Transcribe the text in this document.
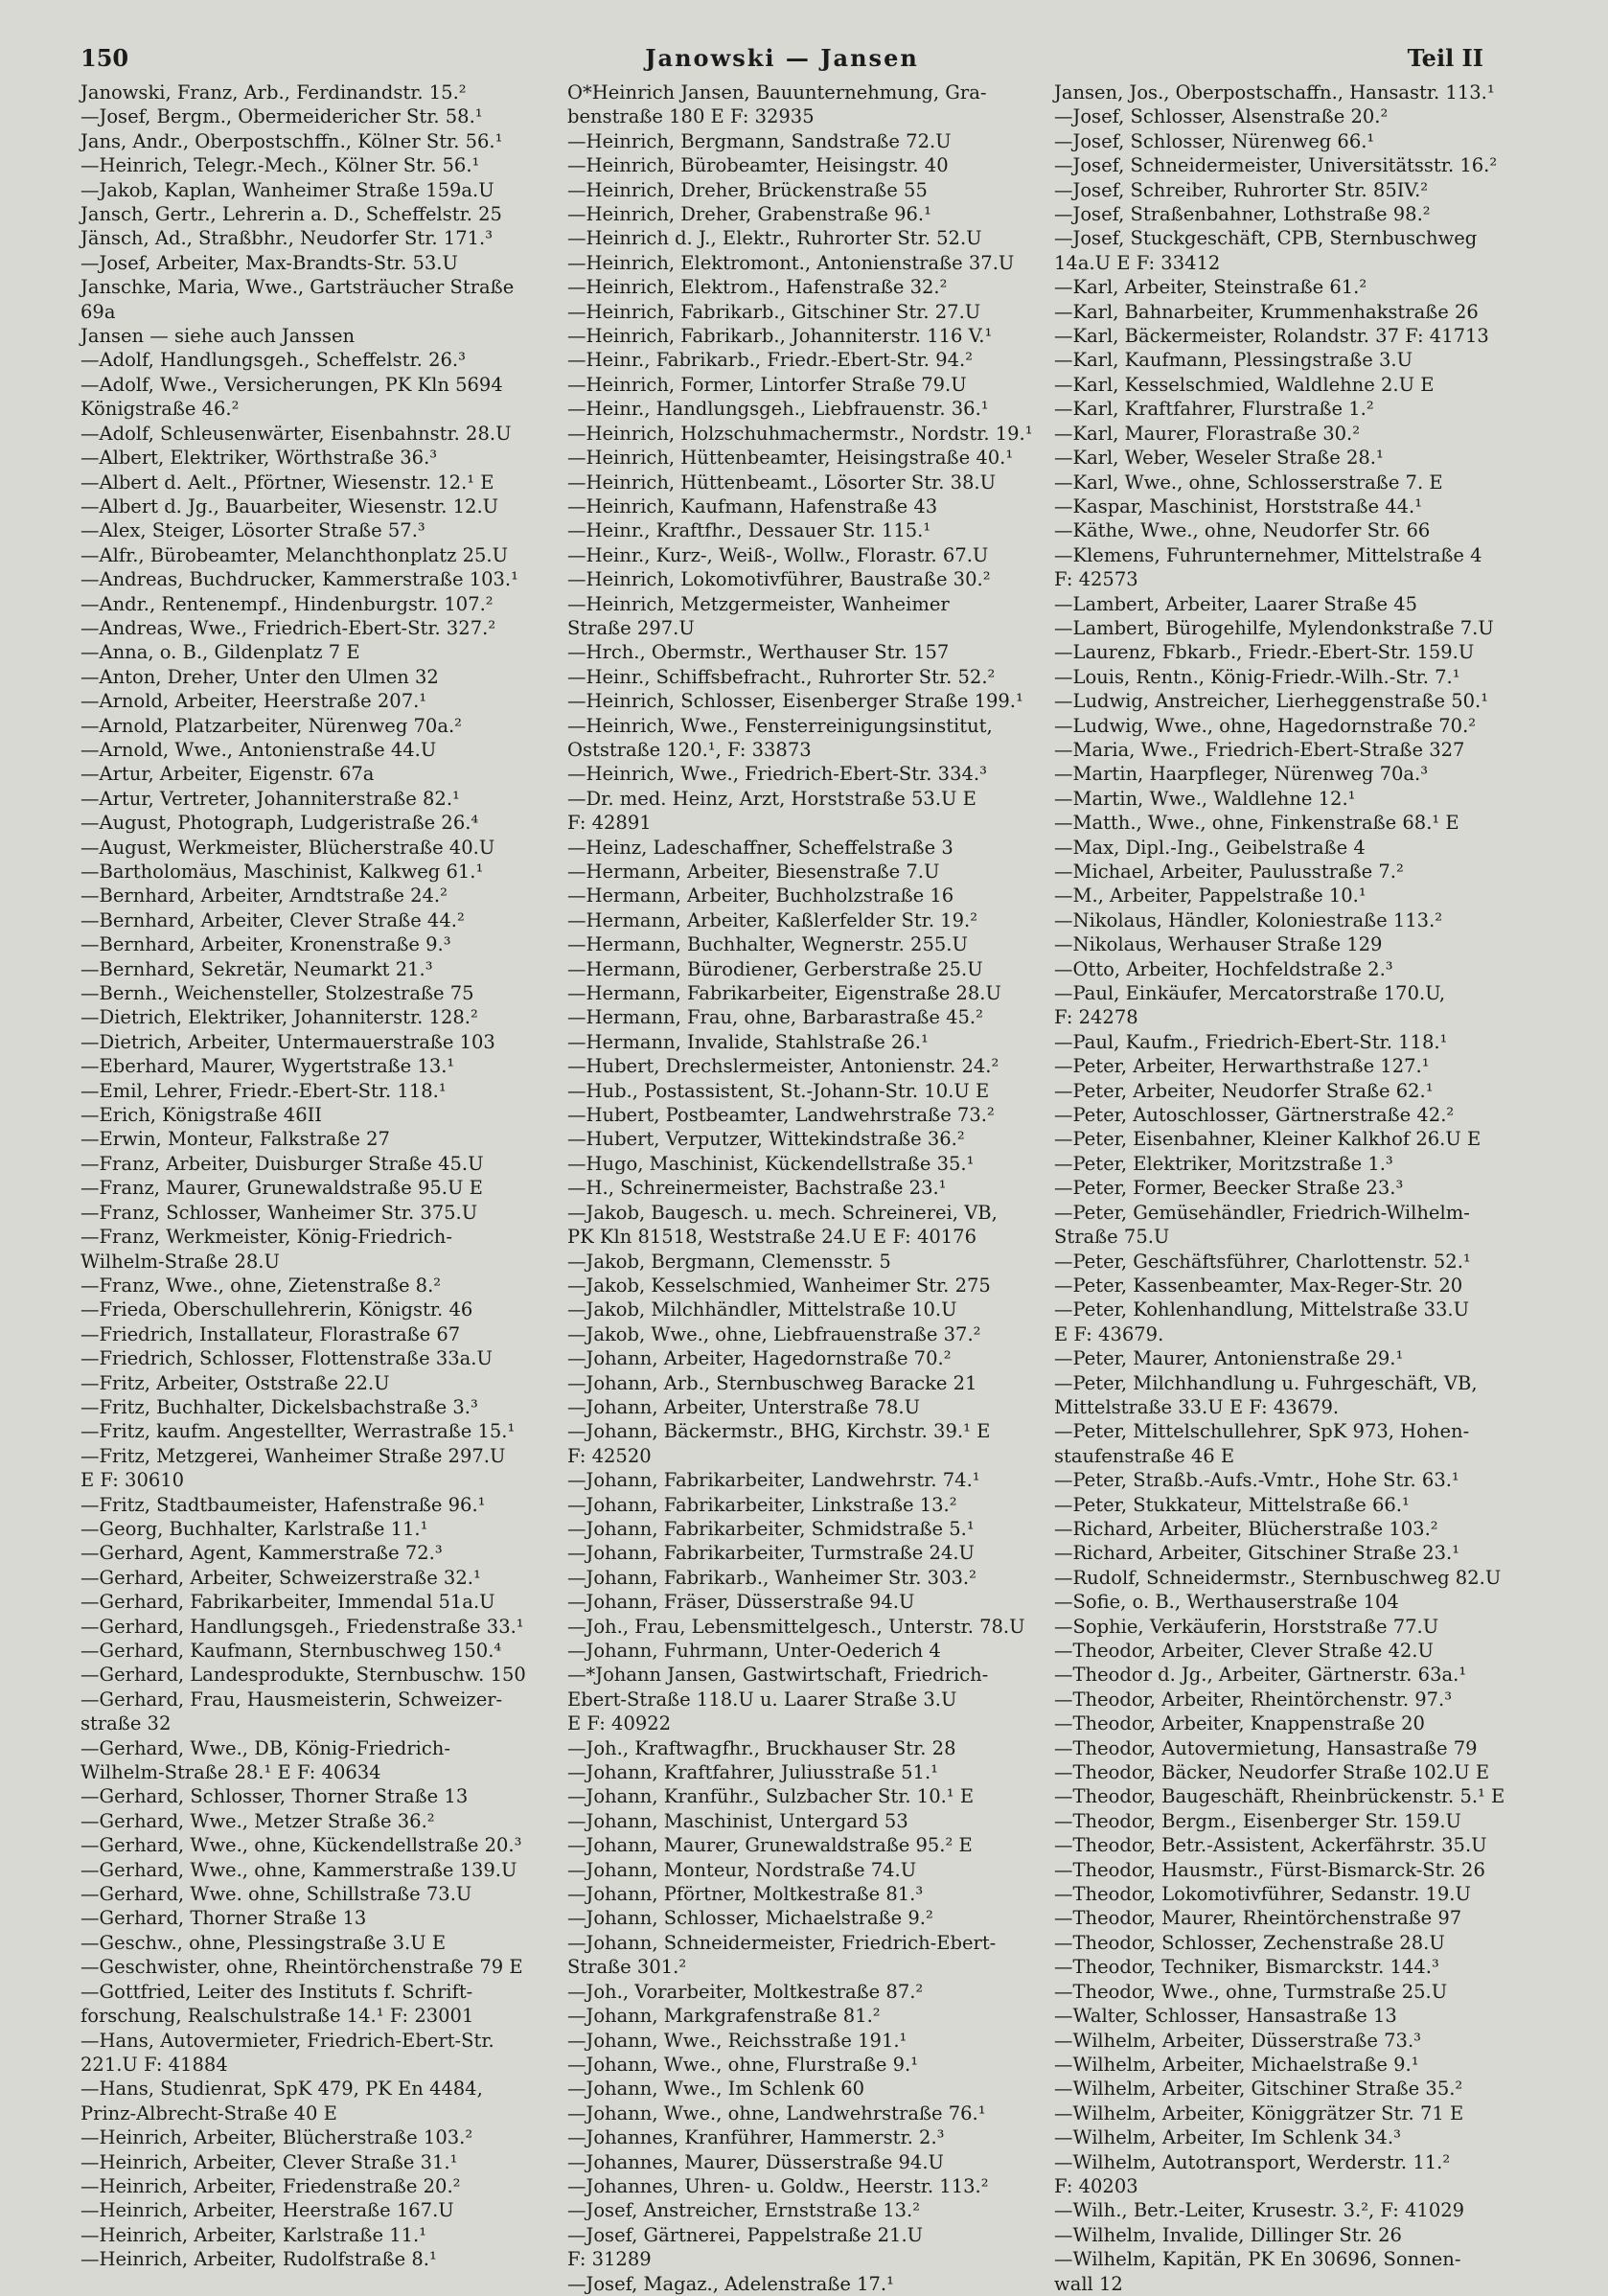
150	Janowski — Jansen	Teil II
Janowski, Franz, Arb., Ferdinandstr. 15.²
—Josef, Bergm., Obermeidericher Str. 58.¹
Jans, Andr., Oberpostschffn., Kölner Str. 56.¹
—Heinrich, Telegr.-Mech., Kölner Str. 56.¹
—Jakob, Kaplan, Wanheimer Straße 159a.U
Jansch, Gertr., Lehrerin a. D., Scheffelstr. 25
Jänsch, Ad., Straßbhr., Neudorfer Str. 171.³
—Josef, Arbeiter, Max-Brandts-Str. 53.U
Janschke, Maria, Wwe., Gartsträucher Straße
69a
Jansen — siehe auch Janssen
—Adolf, Handlungsgeh., Scheffelstr. 26.³
—Adolf, Wwe., Versicherungen, PK Kln 5694
Königstraße 46.²
—Adolf, Schleusenwärter, Eisenbahnstr. 28.U
—Albert, Elektriker, Wörthstraße 36.³
—Albert d. Aelt., Pförtner, Wiesenstr. 12.¹ E
—Albert d. Jg., Bauarbeiter, Wiesenstr. 12.U
—Alex, Steiger, Lösorter Straße 57.³
—Alfr., Bürobeamter, Melanchthonplatz 25.U
—Andreas, Buchdrucker, Kammerstraße 103.¹
—Andr., Rentenempf., Hindenburgstr. 107.²
—Andreas, Wwe., Friedrich-Ebert-Str. 327.²
—Anna, o. B., Gildenplatz 7 E
—Anton, Dreher, Unter den Ulmen 32
—Arnold, Arbeiter, Heerstraße 207.¹
—Arnold, Platzarbeiter, Nürenweg 70a.²
—Arnold, Wwe., Antonienstraße 44.U
—Artur, Arbeiter, Eigenstr. 67a
—Artur, Vertreter, Johanniterstraße 82.¹
—August, Photograph, Ludgeristraße 26.⁴
—August, Werkmeister, Blücherstraße 40.U
—Bartholomäus, Maschinist, Kalkweg 61.¹
—Bernhard, Arbeiter, Arndtstraße 24.²
—Bernhard, Arbeiter, Clever Straße 44.²
—Bernhard, Arbeiter, Kronenstraße 9.³
—Bernhard, Sekretär, Neumarkt 21.³
—Bernh., Weichensteller, Stolzestraße 75
—Dietrich, Elektriker, Johanniterstr. 128.²
—Dietrich, Arbeiter, Untermauerstraße 103
—Eberhard, Maurer, Wygertstraße 13.¹
—Emil, Lehrer, Friedr.-Ebert-Str. 118.¹
—Erich, Königstraße 46II
—Erwin, Monteur, Falkstraße 27
—Franz, Arbeiter, Duisburger Straße 45.U
—Franz, Maurer, Grunewaldstraße 95.U E
—Franz, Schlosser, Wanheimer Str. 375.U
—Franz, Werkmeister, König-Friedrich-
Wilhelm-Straße 28.U
—Franz, Wwe., ohne, Zietenstraße 8.²
—Frieda, Oberschullehrerin, Königstr. 46
—Friedrich, Installateur, Florastraße 67
—Friedrich, Schlosser, Flottenstraße 33a.U
—Fritz, Arbeiter, Oststraße 22.U
—Fritz, Buchhalter, Dickelsbachstraße 3.³
—Fritz, kaufm. Angestellter, Werrastraße 15.¹
—Fritz, Metzgerei, Wanheimer Straße 297.U
E F: 30610
—Fritz, Stadtbaumeister, Hafenstraße 96.¹
—Georg, Buchhalter, Karlstraße 11.¹
—Gerhard, Agent, Kammerstraße 72.³
—Gerhard, Arbeiter, Schweizerstraße 32.¹
—Gerhard, Fabrikarbeiter, Immendal 51a.U
—Gerhard, Handlungsgeh., Friedenstraße 33.¹
—Gerhard, Kaufmann, Sternbuschweg 150.⁴
—Gerhard, Landesprodukte, Sternbuschw. 150
—Gerhard, Frau, Hausmeisterin, Schweizer-
straße 32
—Gerhard, Wwe., DB, König-Friedrich-
Wilhelm-Straße 28.¹ E F: 40634
—Gerhard, Schlosser, Thorner Straße 13
—Gerhard, Wwe., Metzer Straße 36.²
—Gerhard, Wwe., ohne, Kückendellstraße 20.³
—Gerhard, Wwe., ohne, Kammerstraße 139.U
—Gerhard, Wwe. ohne, Schillstraße 73.U
—Gerhard, Thorner Straße 13
—Geschw., ohne, Plessingstraße 3.U E
—Geschwister, ohne, Rheintörchenstraße 79 E
—Gottfried, Leiter des Instituts f. Schrift-
forschung, Realschulstraße 14.¹ F: 23001
—Hans, Autovermieter, Friedrich-Ebert-Str.
221.U F: 41884
—Hans, Studienrat, SpK 479, PK En 4484,
Prinz-Albrecht-Straße 40 E
—Heinrich, Arbeiter, Blücherstraße 103.²
—Heinrich, Arbeiter, Clever Straße 31.¹
—Heinrich, Arbeiter, Friedenstraße 20.²
—Heinrich, Arbeiter, Heerstraße 167.U
—Heinrich, Arbeiter, Karlstraße 11.¹
—Heinrich, Arbeiter, Rudolfstraße 8.¹
O*Heinrich Jansen, Bauunternehmung, Gra-
benstraße 180 E F: 32935
—Heinrich, Bergmann, Sandstraße 72.U
—Heinrich, Bürobeamter, Heisingstr. 40
—Heinrich, Dreher, Brückenstraße 55
—Heinrich, Dreher, Grabenstraße 96.¹
—Heinrich d. J., Elektr., Ruhrorter Str. 52.U
—Heinrich, Elektromont., Antonienstraße 37.U
—Heinrich, Elektrom., Hafenstraße 32.²
—Heinrich, Fabrikarb., Gitschiner Str. 27.U
—Heinrich, Fabrikarb., Johanniterstr. 116 V.¹
—Heinr., Fabrikarb., Friedr.-Ebert-Str. 94.²
—Heinrich, Former, Lintorfer Straße 79.U
—Heinr., Handlungsgeh., Liebfrauenstr. 36.¹
—Heinrich, Holzschuhmachermstr., Nordstr. 19.¹
—Heinrich, Hüttenbeamter, Heisingstraße 40.¹
—Heinrich, Hüttenbeamt., Lösorter Str. 38.U
—Heinrich, Kaufmann, Hafenstraße 43
—Heinr., Kraftfhr., Dessauer Str. 115.¹
—Heinr., Kurz-, Weiß-, Wollw., Florastr. 67.U
—Heinrich, Lokomotivführer, Baustraße 30.²
—Heinrich, Metzgermeister, Wanheimer
Straße 297.U
—Hrch., Obermstr., Werthauser Str. 157
—Heinr., Schiffsbefracht., Ruhrorter Str. 52.²
—Heinrich, Schlosser, Eisenberger Straße 199.¹
—Heinrich, Wwe., Fensterreinigungsinstitut,
Oststraße 120.¹, F: 33873
—Heinrich, Wwe., Friedrich-Ebert-Str. 334.³
—Dr. med. Heinz, Arzt, Horststraße 53.U E
F: 42891
—Heinz, Ladeschaffner, Scheffelstraße 3
—Hermann, Arbeiter, Biesenstraße 7.U
—Hermann, Arbeiter, Buchholzstraße 16
—Hermann, Arbeiter, Kaßlerfelder Str. 19.²
—Hermann, Buchhalter, Wegnerstr. 255.U
—Hermann, Bürodiener, Gerberstraße 25.U
—Hermann, Fabrikarbeiter, Eigenstraße 28.U
—Hermann, Frau, ohne, Barbarastraße 45.²
—Hermann, Invalide, Stahlstraße 26.¹
—Hubert, Drechslermeister, Antonienstr. 24.²
—Hub., Postassistent, St.-Johann-Str. 10.U E
—Hubert, Postbeamter, Landwehrstraße 73.²
—Hubert, Verputzer, Wittekindstraße 36.²
—Hugo, Maschinist, Kückendellstraße 35.¹
—H., Schreinermeister, Bachstraße 23.¹
—Jakob, Baugesch. u. mech. Schreinerei, VB,
PK Kln 81518, Weststraße 24.U E F: 40176
—Jakob, Bergmann, Clemensstr. 5
—Jakob, Kesselschmied, Wanheimer Str. 275
—Jakob, Milchhändler, Mittelstraße 10.U
—Jakob, Wwe., ohne, Liebfrauenstraße 37.²
—Johann, Arbeiter, Hagedornstraße 70.²
—Johann, Arb., Sternbuschweg Baracke 21
—Johann, Arbeiter, Unterstraße 78.U
—Johann, Bäckermstr., BHG, Kirchstr. 39.¹ E
F: 42520
—Johann, Fabrikarbeiter, Landwehrstr. 74.¹
—Johann, Fabrikarbeiter, Linkstraße 13.²
—Johann, Fabrikarbeiter, Schmidstraße 5.¹
—Johann, Fabrikarbeiter, Turmstraße 24.U
—Johann, Fabrikarb., Wanheimer Str. 303.²
—Johann, Fräser, Düsserstraße 94.U
—Joh., Frau, Lebensmittelgesch., Unterstr. 78.U
—Johann, Fuhrmann, Unter-Oederich 4
—*Johann Jansen, Gastwirtschaft, Friedrich-
Ebert-Straße 118.U u. Laarer Straße 3.U
E F: 40922
—Joh., Kraftwagfhr., Bruckhauser Str. 28
—Johann, Kraftfahrer, Juliusstraße 51.¹
—Johann, Kranführ., Sulzbacher Str. 10.¹ E
—Johann, Maschinist, Untergard 53
—Johann, Maurer, Grunewaldstraße 95.² E
—Johann, Monteur, Nordstraße 74.U
—Johann, Pförtner, Moltkestraße 81.³
—Johann, Schlosser, Michaelstraße 9.²
—Johann, Schneidermeister, Friedrich-Ebert-
Straße 301.²
—Joh., Vorarbeiter, Moltkestraße 87.²
—Johann, Markgrafenstraße 81.²
—Johann, Wwe., Reichsstraße 191.¹
—Johann, Wwe., ohne, Flurstraße 9.¹
—Johann, Wwe., Im Schlenk 60
—Johann, Wwe., ohne, Landwehrstraße 76.¹
—Johannes, Kranführer, Hammerstr. 2.³
—Johannes, Maurer, Düsserstraße 94.U
—Johannes, Uhren- u. Goldw., Heerstr. 113.²
—Josef, Anstreicher, Ernststraße 13.²
—Josef, Gärtnerei, Pappelstraße 21.U
F: 31289
—Josef, Magaz., Adelenstraße 17.¹
Jansen, Jos., Oberpostschaffn., Hansastr. 113.¹
—Josef, Schlosser, Alsenstraße 20.²
—Josef, Schlosser, Nürenweg 66.¹
—Josef, Schneidermeister, Universitätsstr. 16.²
—Josef, Schreiber, Ruhrorter Str. 85IV.²
—Josef, Straßenbahner, Lothstraße 98.²
—Josef, Stuckgeschäft, CPB, Sternbuschweg
14a.U E F: 33412
—Karl, Arbeiter, Steinstraße 61.²
—Karl, Bahnarbeiter, Krummenhakstraße 26
—Karl, Bäckermeister, Rolandstr. 37 F: 41713
—Karl, Kaufmann, Plessingstraße 3.U
—Karl, Kesselschmied, Waldlehne 2.U E
—Karl, Kraftfahrer, Flurstraße 1.²
—Karl, Maurer, Florastraße 30.²
—Karl, Weber, Weseler Straße 28.¹
—Karl, Wwe., ohne, Schlosserstraße 7. E
—Kaspar, Maschinist, Horststraße 44.¹
—Käthe, Wwe., ohne, Neudorfer Str. 66
—Klemens, Fuhrunternehmer, Mittelstraße 4
F: 42573
—Lambert, Arbeiter, Laarer Straße 45
—Lambert, Bürogehilfe, Mylendonkstraße 7.U
—Laurenz, Fbkarb., Friedr.-Ebert-Str. 159.U
—Louis, Rentn., König-Friedr.-Wilh.-Str. 7.¹
—Ludwig, Anstreicher, Lierheggenstraße 50.¹
—Ludwig, Wwe., ohne, Hagedornstraße 70.²
—Maria, Wwe., Friedrich-Ebert-Straße 327
—Martin, Haarpfleger, Nürenweg 70a.³
—Martin, Wwe., Waldlehne 12.¹
—Matth., Wwe., ohne, Finkenstraße 68.¹ E
—Max, Dipl.-Ing., Geibelstraße 4
—Michael, Arbeiter, Paulusstraße 7.²
—M., Arbeiter, Pappelstraße 10.¹
—Nikolaus, Händler, Koloniestraße 113.²
—Nikolaus, Werhauser Straße 129
—Otto, Arbeiter, Hochfeldstraße 2.³
—Paul, Einkäufer, Mercatorstraße 170.U,
F: 24278
—Paul, Kaufm., Friedrich-Ebert-Str. 118.¹
—Peter, Arbeiter, Herwarthstraße 127.¹
—Peter, Arbeiter, Neudorfer Straße 62.¹
—Peter, Autoschlosser, Gärtnerstraße 42.²
—Peter, Eisenbahner, Kleiner Kalkhof 26.U E
—Peter, Elektriker, Moritzstraße 1.³
—Peter, Former, Beecker Straße 23.³
—Peter, Gemüsehändler, Friedrich-Wilhelm-
Straße 75.U
—Peter, Geschäftsführer, Charlottenstr. 52.¹
—Peter, Kassenbeamter, Max-Reger-Str. 20
—Peter, Kohlenhandlung, Mittelstraße 33.U
E F: 43679.
—Peter, Maurer, Antonienstraße 29.¹
—Peter, Milchhandlung u. Fuhrgeschäft, VB,
Mittelstraße 33.U E F: 43679.
—Peter, Mittelschullehrer, SpK 973, Hohen-
staufenstraße 46 E
—Peter, Straßb.-Aufs.-Vmtr., Hohe Str. 63.¹
—Peter, Stukkateur, Mittelstraße 66.¹
—Richard, Arbeiter, Blücherstraße 103.²
—Richard, Arbeiter, Gitschiner Straße 23.¹
—Rudolf, Schneidermstr., Sternbuschweg 82.U
—Sofie, o. B., Werthauserstraße 104
—Sophie, Verkäuferin, Horststraße 77.U
—Theodor, Arbeiter, Clever Straße 42.U
—Theodor d. Jg., Arbeiter, Gärtnerstr. 63a.¹
—Theodor, Arbeiter, Rheintörchenstr. 97.³
—Theodor, Arbeiter, Knappenstraße 20
—Theodor, Autovermietung, Hansastraße 79
—Theodor, Bäcker, Neudorfer Straße 102.U E
—Theodor, Baugeschäft, Rheinbrückenstr. 5.¹ E
—Theodor, Bergm., Eisenberger Str. 159.U
—Theodor, Betr.-Assistent, Ackerfährstr. 35.U
—Theodor, Hausmstr., Fürst-Bismarck-Str. 26
—Theodor, Lokomotivführer, Sedanstr. 19.U
—Theodor, Maurer, Rheintörchenstraße 97
—Theodor, Schlosser, Zechenstraße 28.U
—Theodor, Techniker, Bismarckstr. 144.³
—Theodor, Wwe., ohne, Turmstraße 25.U
—Walter, Schlosser, Hansastraße 13
—Wilhelm, Arbeiter, Düsserstraße 73.³
—Wilhelm, Arbeiter, Michaelstraße 9.¹
—Wilhelm, Arbeiter, Gitschiner Straße 35.²
—Wilhelm, Arbeiter, Königgrätzer Str. 71 E
—Wilhelm, Arbeiter, Im Schlenk 34.³
—Wilhelm, Autotransport, Werderstr. 11.²
F: 40203
—Wilh., Betr.-Leiter, Krusestr. 3.², F: 41029
—Wilhelm, Invalide, Dillinger Str. 26
—Wilhelm, Kapitän, PK En 30696, Sonnen-
wall 12
